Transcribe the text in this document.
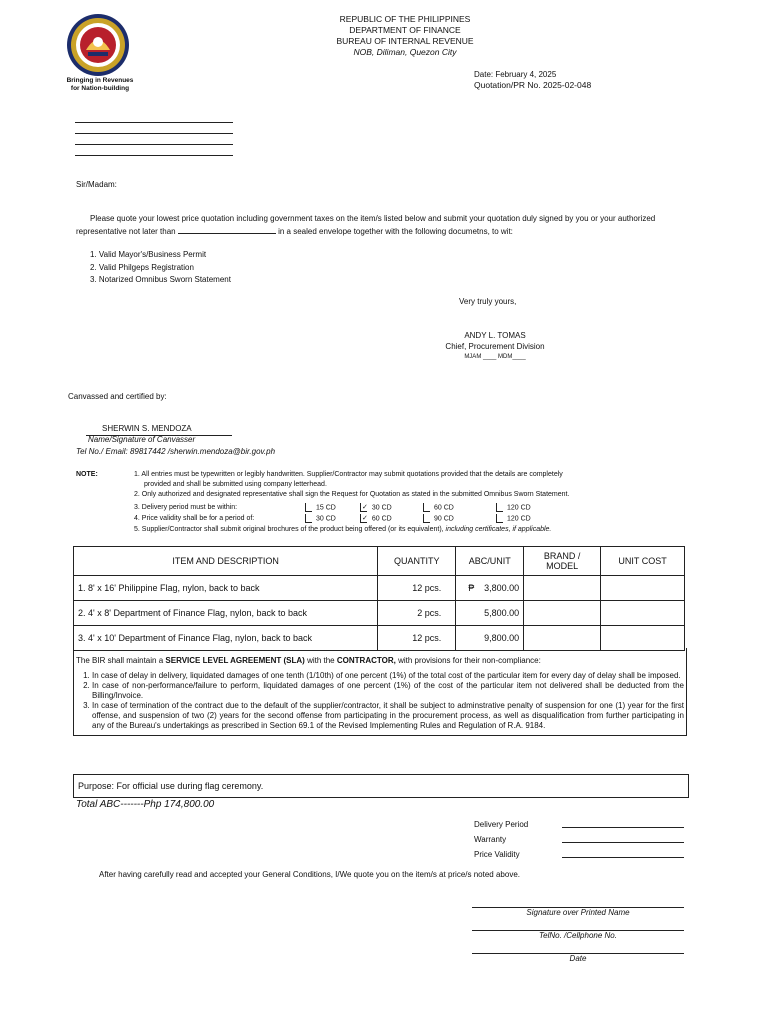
Bringing in Revenues
for Nation-building
REPUBLIC OF THE PHILIPPINES
DEPARTMENT OF FINANCE
BUREAU OF INTERNAL REVENUE
NOB, Diliman, Quezon City
Date: February 4, 2025
Quotation/PR No. 2025-02-048
Sir/Madam:
Please quote your lowest price quotation including government taxes on the item/s listed below and submit your quotation duly signed by you or your authorized representative not later than	in a sealed envelope together with the following documetns, to wit:
1. Valid Mayor's/Business Permit
2. Valid Philgeps Registration
3. Notarized Omnibus Sworn Statement
Very truly yours,
ANDY L. TOMAS
Chief, Procurement Division
MJAM ____ MDM____
Canvassed and certified by:
SHERWIN S. MENDOZA
Name/Signature of Canvasser
Tel No./ Email: 89817442 /sherwin.mendoza@bir.gov.ph
NOTE:	1. All entries must be typewritten or legibly handwritten. Supplier/Contractor may submit quotations provided that the details are completely
provided and shall be submitted using company letterhead.
2. Only authorized and designated representative shall sign the Request for Quotation as stated in the submitted Omnibus Sworn Statement.
3. Delivery period must be within:
4. Price validity shall be for a period of:
15 CD	✓ 30 CD	60 CD	120 CD
30 CD	✓ 60 CD	90 CD	120 CD
5. Supplier/Contractor shall submit original brochures of the product being offered (or its equivalent), including certificates, if applicable.
ITEM AND DESCRIPTION	QUANTITY	ABC/UNIT	BRAND / MODEL	UNIT COST
1. 8' x 16' Philippine Flag, nylon, back to back	12 pcs.	₱ 3,800.00		
2. 4' x 8' Department of Finance Flag, nylon, back to back	2 pcs.	5,800.00		
3. 4' x 10' Department of Finance Flag, nylon, back to back	12 pcs.	9,800.00		
The BIR shall maintain a SERVICE LEVEL AGREEMENT (SLA) with the CONTRACTOR, with provisions for their non-compliance:
1. In case of delay in delivery, liquidated damages of one tenth (1/10th) of one percent (1%) of the total cost of the particular item for every day of delay shall be imposed.
2. In case of non-performance/failure to perform, liquidated damages of one percent (1%) of the cost of the particular item not delivered shall be deducted from the Billing/Invoice.
3. In case of termination of the contract due to the default of the supplier/contractor, it shall be subject to adminstrative penalty of suspension for one (1) year for the first offense, and suspension of two (2) years for the second offense from participating in the procurement process, as well as disqualification from further participating in any of the Bureau's undertakings as prescribed in Section 69.1 of the Revised Implementing Rules and Regulation of R.A. 9184.
Purpose: For official use during flag ceremony.
Total ABC-------Php 174,800.00
Delivery Period
Warranty
Price Validity
After having carefully read and accepted your General Conditions, I/We quote you on the item/s at price/s noted above.
Signature over Printed Name
TelNo. /Cellphone No.
Date
